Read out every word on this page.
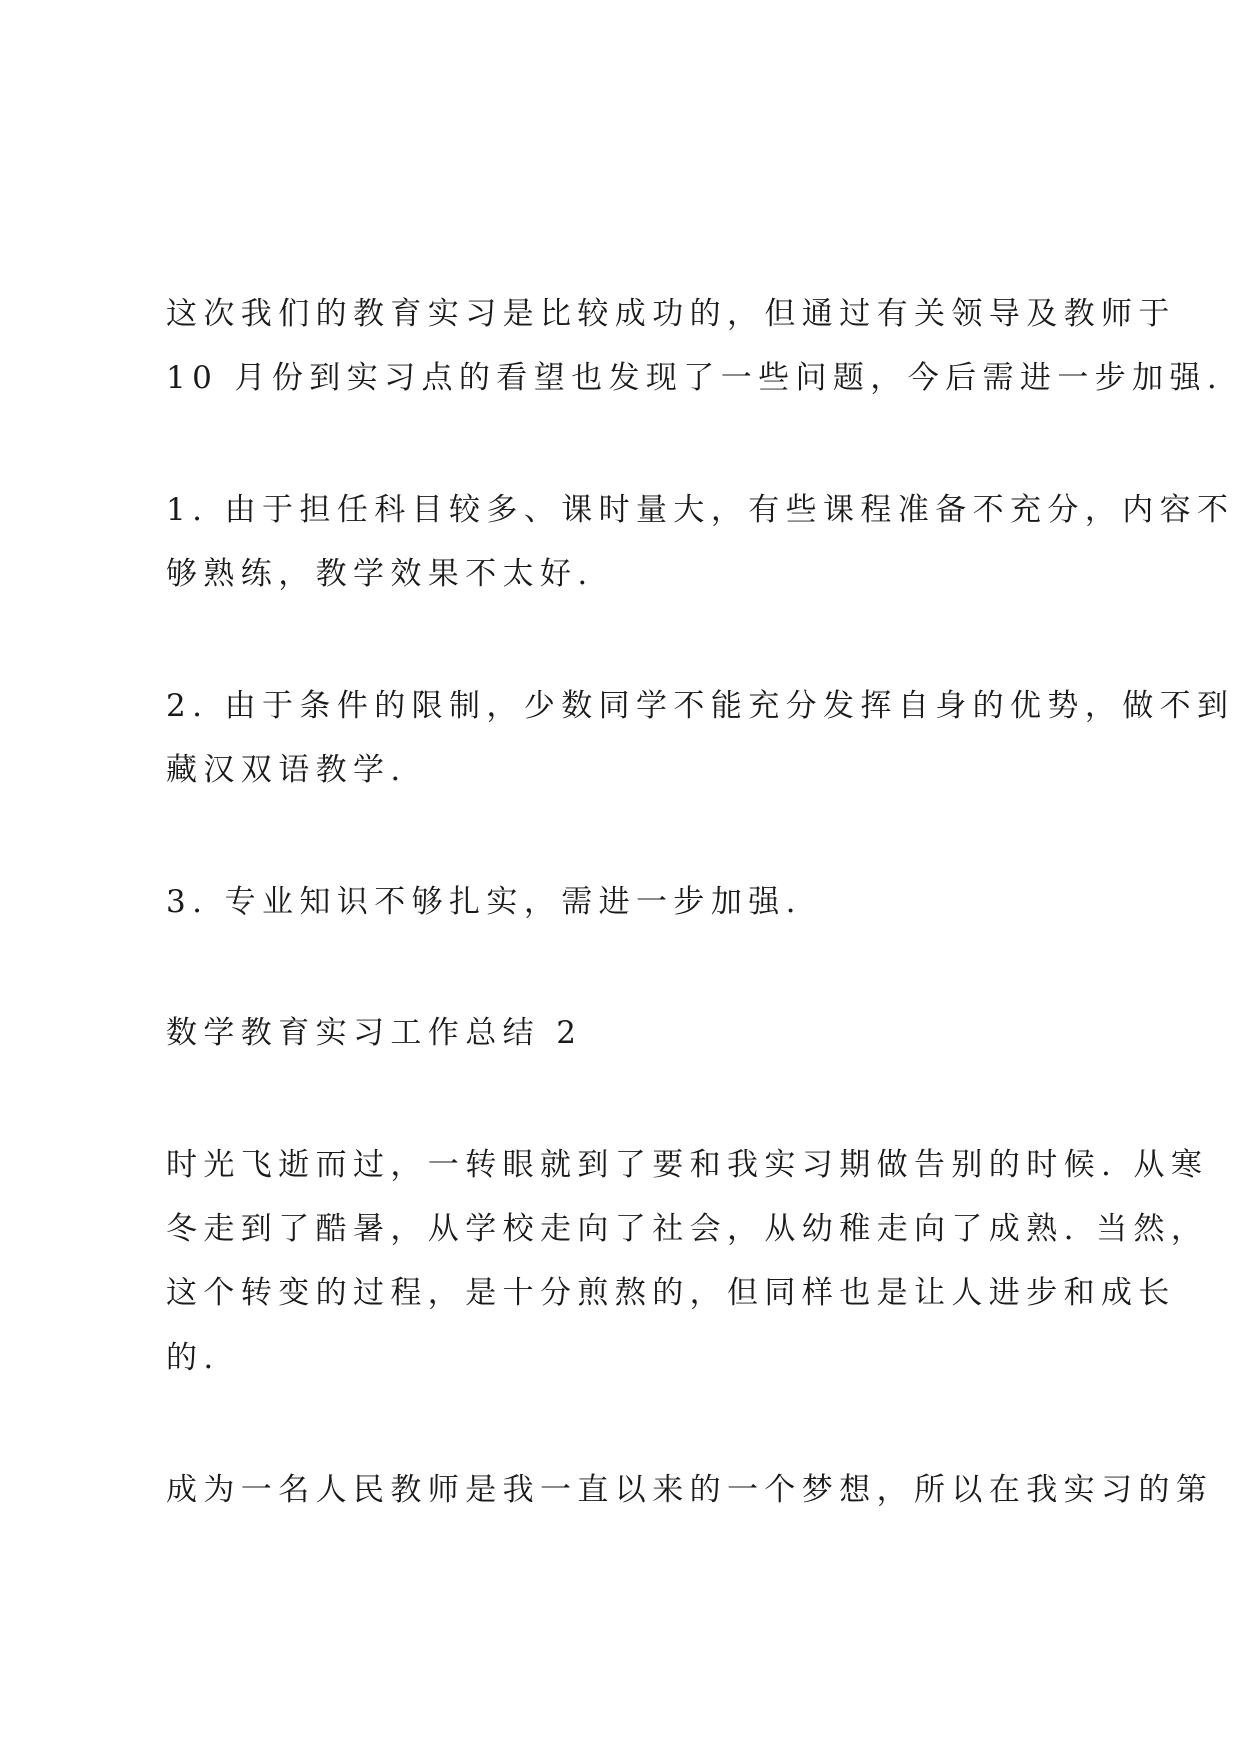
这次我们的教育实习是比较成功的，但通过有关领导及教师于

10 月份到实习点的看望也发现了一些问题，今后需进一步加强.

1. 由于担任科目较多、课时量大，有些课程准备不充分，内容不

够熟练，教学效果不太好.

2. 由于条件的限制，少数同学不能充分发挥自身的优势，做不到

藏汉双语教学.

3. 专业知识不够扎实，需进一步加强.

数学教育实习工作总结 2

时光飞逝而过，一转眼就到了要和我实习期做告别的时候. 从寒

冬走到了酷暑，从学校走向了社会，从幼稚走向了成熟. 当然，

这个转变的过程，是十分煎熬的，但同样也是让人进步和成长

的.

成为一名人民教师是我一直以来的一个梦想，所以在我实习的第
